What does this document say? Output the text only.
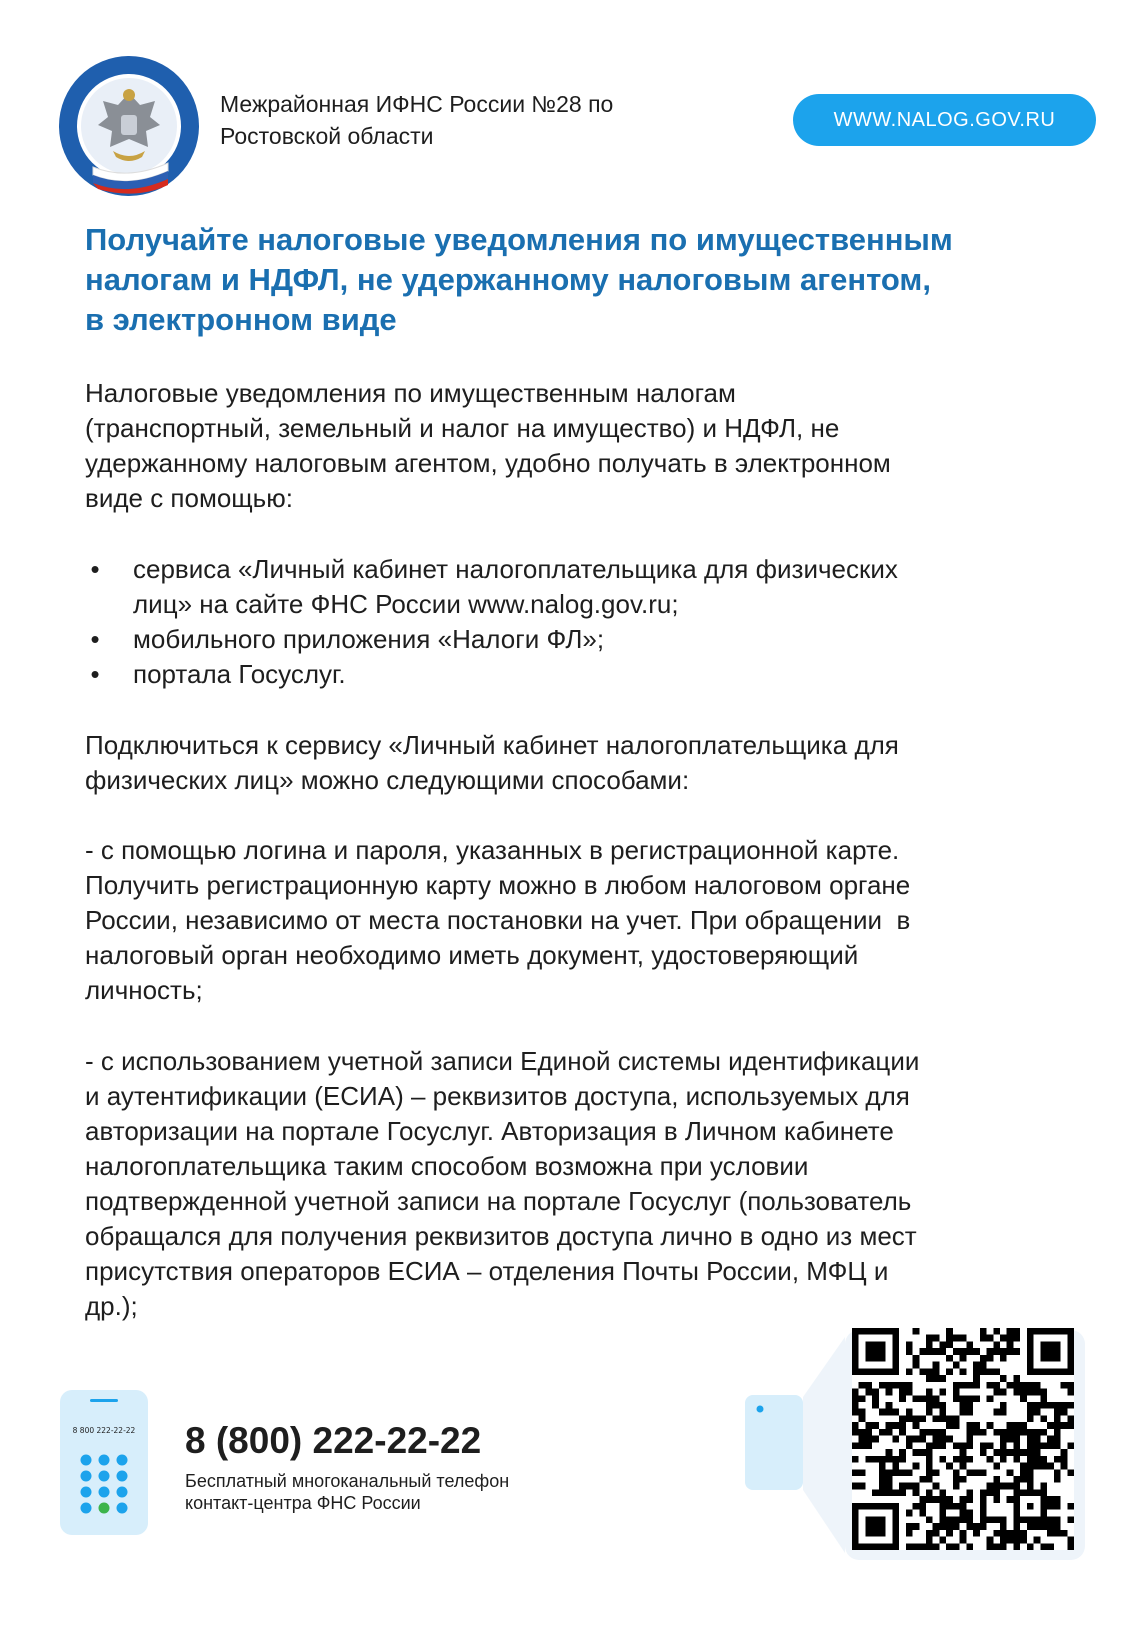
Межрайонная ИФНС России №28 по
Ростовской области
WWW.NALOG.GOV.RU
Получайте налоговые уведомления по имущественным
налогам и НДФЛ, не удержанному налоговым агентом,
в электронном виде
Налоговые уведомления по имущественным налогам
(транспортный, земельный и налог на имущество) и НДФЛ, не
удержанному налоговым агентом, удобно получать в электронном
виде с помощью:
• сервиса «Личный кабинет налогоплательщика для физических
лиц» на сайте ФНС России www.nalog.gov.ru;
• мобильного приложения «Налоги ФЛ»;
• портала Госуслуг.
Подключиться к сервису «Личный кабинет налогоплательщика для
физических лиц» можно следующими способами:
- с помощью логина и пароля, указанных в регистрационной карте.
Получить регистрационную карту можно в любом налоговом органе
России, независимо от места постановки на учет. При обращении  в
налоговый орган необходимо иметь документ, удостоверяющий
личность;
- с использованием учетной записи Единой системы идентификации
и аутентификации (ЕСИА) – реквизитов доступа, используемых для
авторизации на портале Госуслуг. Авторизация в Личном кабинете
налогоплательщика таким способом возможна при условии
подтвержденной учетной записи на портале Госуслуг (пользователь
обращался для получения реквизитов доступа лично в одно из мест
присутствия операторов ЕСИА – отделения Почты России, МФЦ и
др.);
8 800 222-22-22 8 (800) 222-22-22
Бесплатный многоканальный телефон
контакт-центра ФНС России
